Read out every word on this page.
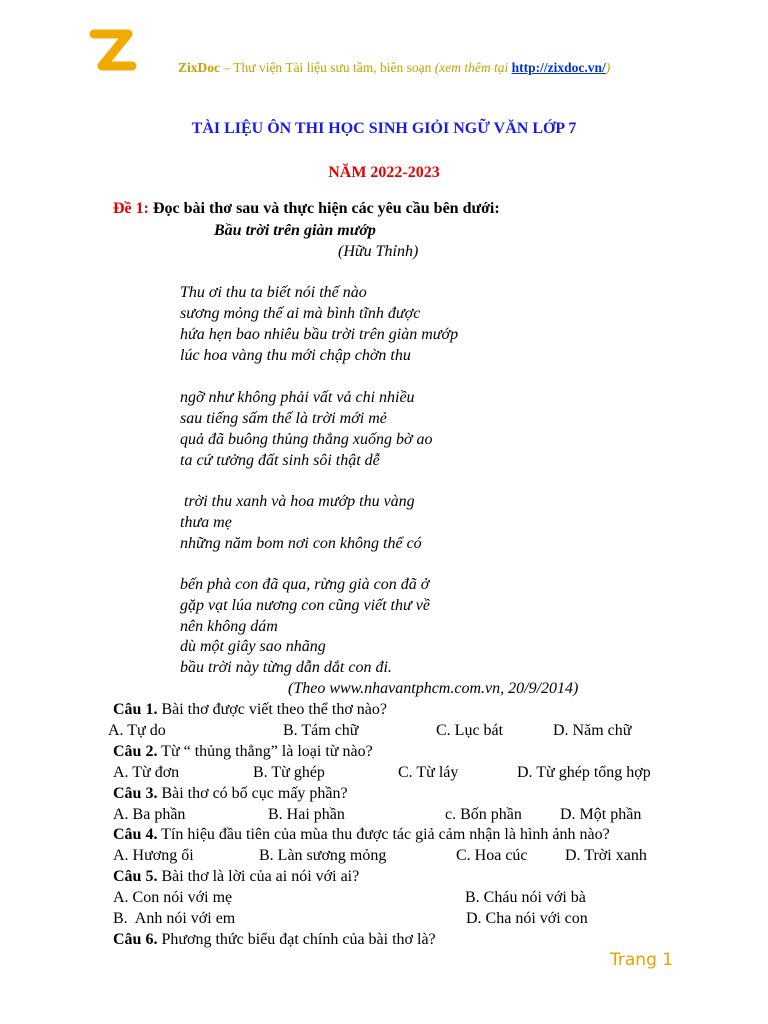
ZixDoc – Thư viện Tài liệu sưu tầm, biên soạn (xem thêm tại http://zixdoc.vn/)
TÀI LIỆU ÔN THI HỌC SINH GIỎI NGỮ VĂN LỚP 7
NĂM 2022-2023
Đề 1: Đọc bài thơ sau và thực hiện các yêu cầu bên dưới:
Bầu trời trên giàn mướp
(Hữu Thỉnh)
Thu ơi thu ta biết nói thế nào
sương mỏng thế ai mà bình tĩnh được
hứa hẹn bao nhiêu bầu trời trên giàn mướp
lúc hoa vàng thu mới chập chờn thu
ngỡ như không phải vất vả chi nhiều
sau tiếng sấm thế là trời mới mẻ
quả đã buông thủng thẳng xuống bờ ao
ta cứ tưởng đất sinh sôi thật dễ
trời thu xanh và hoa mướp thu vàng
thưa mẹ
những năm bom nơi con không thể có
bến phà con đã qua, rừng già con đã ở
gặp vạt lúa nương con cũng viết thư về
nên không dám
dù một giây sao nhãng
bầu trời này từng dẫn dắt con đi.
(Theo www.nhavantphcm.com.vn, 20/9/2014)
Câu 1. Bài thơ được viết theo thể thơ nào?
A. Tự do	B. Tám chữ	C. Lục bát	D. Năm chữ
Câu 2. Từ “ thủng thẳng” là loại từ nào?
A. Từ đơn	B. Từ ghép	C. Từ láy	D. Từ ghép tổng hợp
Câu 3. Bài thơ có bố cục mấy phần?
A. Ba phần	B. Hai phần	c. Bốn phần D. Một phần
Câu 4. Tín hiệu đầu tiên của mùa thu được tác giả cảm nhận là hình ảnh nào?
A. Hương ổi	B. Làn sương mỏng	C. Hoa cúc D. Trời xanh
Câu 5. Bài thơ là lời của ai nói với ai?
A. Con nói với mẹ	B. Cháu nói với bà
B.  Anh nói với em	D. Cha nói với con
Câu 6. Phương thức biểu đạt chính của bài thơ là?
Trang 1
